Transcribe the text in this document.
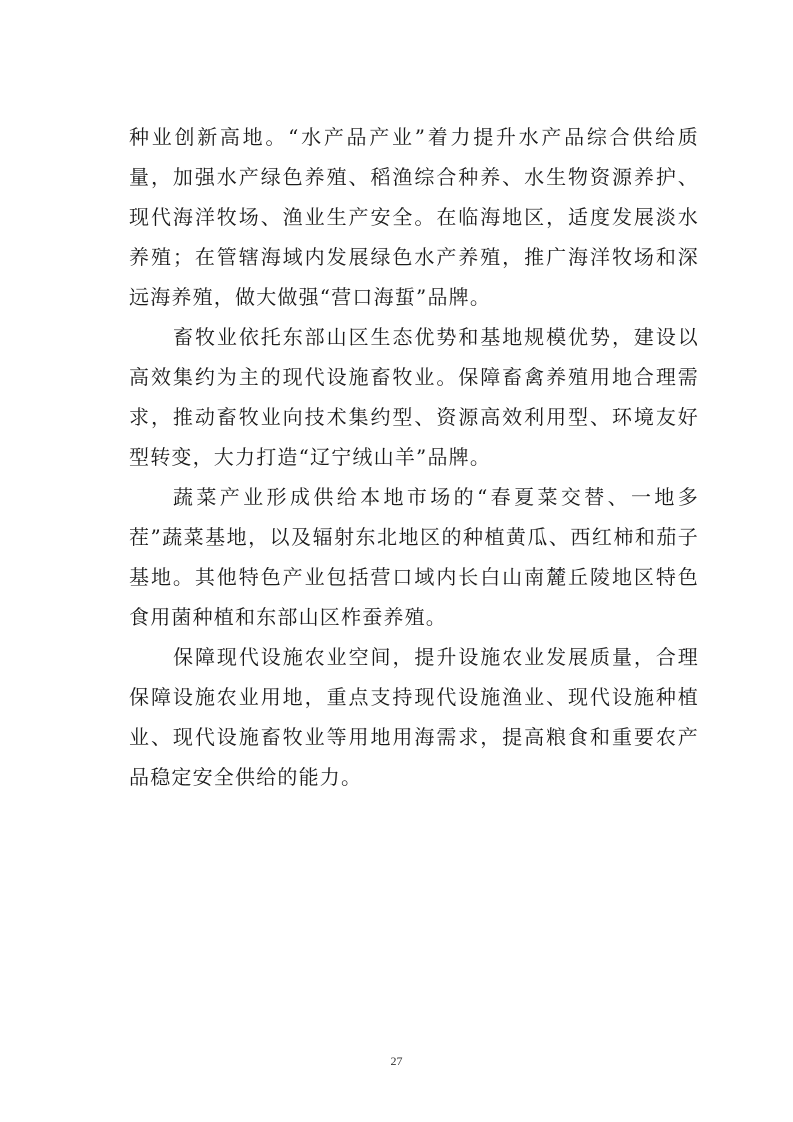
种业创新高地。“水产品产业”着力提升水产品综合供给质量，加强水产绿色养殖、稻渔综合种养、水生物资源养护、现代海洋牧场、渔业生产安全。在临海地区，适度发展淡水养殖；在管辖海域内发展绿色水产养殖，推广海洋牧场和深远海养殖，做大做强“营口海蜇”品牌。

畜牧业依托东部山区生态优势和基地规模优势，建设以高效集约为主的现代设施畜牧业。保障畜禽养殖用地合理需求，推动畜牧业向技术集约型、资源高效利用型、环境友好型转变，大力打造“辽宁绒山羊”品牌。

蔬菜产业形成供给本地市场的“春夏菜交替、一地多茬”蔬菜基地，以及辐射东北地区的种植黄瓜、西红柿和茄子基地。其他特色产业包括营口域内长白山南麓丘陵地区特色食用菌种植和东部山区柞蚕养殖。

保障现代设施农业空间，提升设施农业发展质量，合理保障设施农业用地，重点支持现代设施渔业、现代设施种植业、现代设施畜牧业等用地用海需求，提高粮食和重要农产品稳定安全供给的能力。

27
